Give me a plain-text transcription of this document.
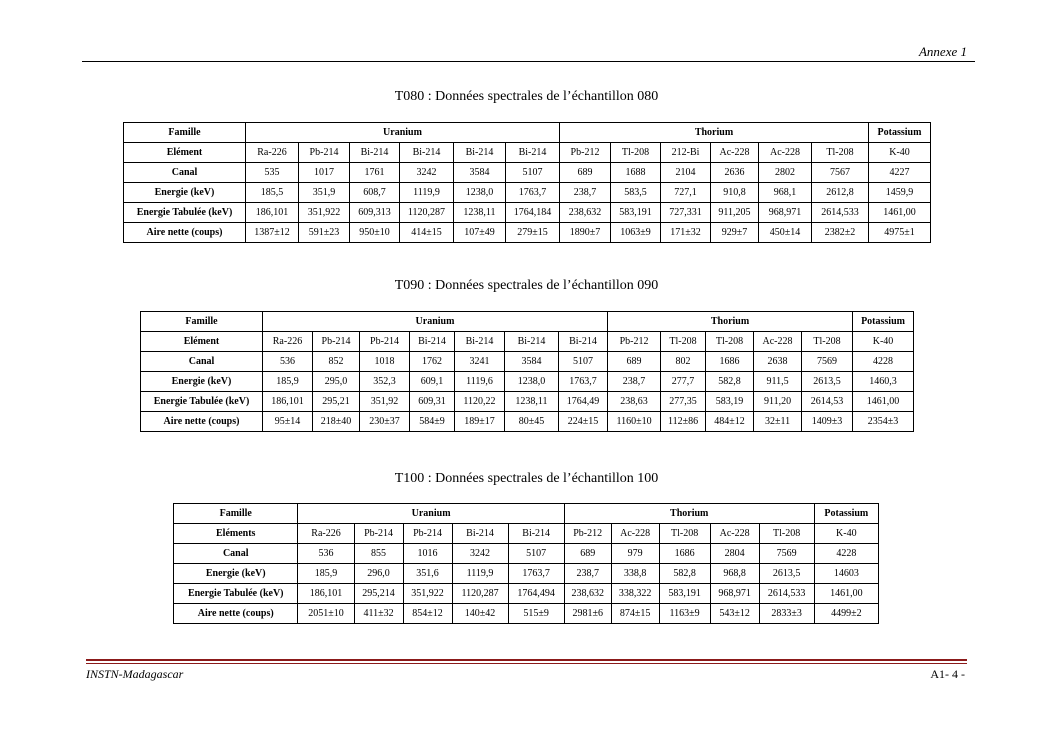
Annexe 1
T080 : Données spectrales de l’échantillon 080
Famille	Uranium						Thorium						Potassium
Elément	Ra-226	Pb-214	Bi-214	Bi-214	Bi-214	Bi-214	Pb-212	Tl-208	212-Bi	Ac-228	Ac-228	Tl-208	K-40
Canal	535	1017	1761	3242	3584	5107	689	1688	2104	2636	2802	7567	4227
Energie (keV)	185,5	351,9	608,7	1119,9	1238,0	1763,7	238,7	583,5	727,1	910,8	968,1	2612,8	1459,9
Energie Tabulée (keV)	186,101	351,922	609,313	1120,287	1238,11	1764,184	238,632	583,191	727,331	911,205	968,971	2614,533	1461,00
Aire nette (coups)	1387±12	591±23	950±10	414±15	107±49	279±15	1890±7	1063±9	171±32	929±7	450±14	2382±2	4975±1
T090 : Données spectrales de l’échantillon 090
Famille	Uranium							Thorium					Potassium
Elément	Ra-226	Pb-214	Pb-214	Bi-214	Bi-214	Bi-214	Bi-214	Pb-212	Tl-208	Tl-208	Ac-228	Tl-208	K-40
Canal	536	852	1018	1762	3241	3584	5107	689	802	1686	2638	7569	4228
Energie (keV)	185,9	295,0	352,3	609,1	1119,6	1238,0	1763,7	238,7	277,7	582,8	911,5	2613,5	1460,3
Energie Tabulée (keV)	186,101	295,21	351,92	609,31	1120,22	1238,11	1764,49	238,63	277,35	583,19	911,20	2614,53	1461,00
Aire nette (coups)	95±14	218±40	230±37	584±9	189±17	80±45	224±15	1160±10	112±86	484±12	32±11	1409±3	2354±3
T100 : Données spectrales de l’échantillon 100
Famille	Uranium					Thorium					Potassium
Eléments	Ra-226	Pb-214	Pb-214	Bi-214	Bi-214	Pb-212	Ac-228	Tl-208	Ac-228	Tl-208	K-40
Canal	536	855	1016	3242	5107	689	979	1686	2804	7569	4228
Energie (keV)	185,9	296,0	351,6	1119,9	1763,7	238,7	338,8	582,8	968,8	2613,5	14603
Energie Tabulée (keV)	186,101	295,214	351,922	1120,287	1764,494	238,632	338,322	583,191	968,971	2614,533	1461,00
Aire nette (coups)	2051±10	411±32	854±12	140±42	515±9	2981±6	874±15	1163±9	543±12	2833±3	4499±2
INSTN-Madagascar	A1- 4 -
